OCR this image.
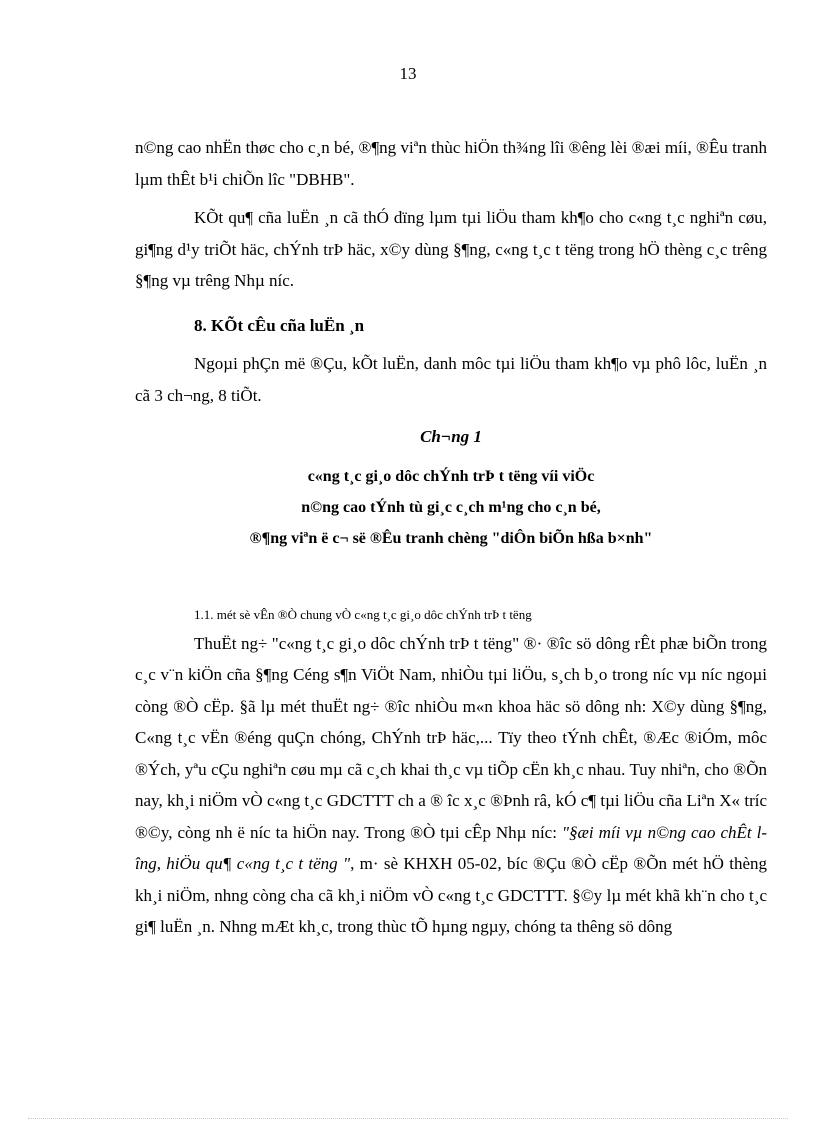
13

n©ng cao nhËn thøc cho c¸n bé, ®¶ng viªn thùc hiÖn th¾ng lîi ®êng lèi ®æi míi, ®Êu tranh lµm thÊt b¹i chiÕn lîc "DBHB".

KÕt qu¶ cña luËn ¸n cã thÓ dïng lµm tµi liÖu tham kh¶o cho c«ng t¸c nghiªn cøu, gi¶ng d¹y triÕt häc, chÝnh trÞ häc, x©y dùng §¶ng, c«ng t¸c t tëng trong hÖ thèng c¸c trêng §¶ng vµ trêng Nhµ níc.

8. KÕt cÊu cña luËn ¸n

Ngoµi phÇn më ®Çu, kÕt luËn, danh môc tµi liÖu tham kh¶o vµ phô lôc, luËn ¸n cã 3 ch¬ng, 8 tiÕt.

Ch¬ng 1

c«ng t¸c gi¸o dôc chÝnh trÞ t tëng víi viÖc
n©ng cao tÝnh tù gi¸c c¸ch m¹ng cho c¸n bé,
®¶ng viªn ë c¬ së ®Êu tranh chèng "diÔn biÕn hßa b×nh"

1.1. mét sè vÊn ®Ò chung vÒ c«ng t¸c gi¸o dôc chÝnh trÞ t tëng

ThuËt ng÷ "c«ng t¸c gi¸o dôc chÝnh trÞ t tëng" ®· ®îc sö dông rÊt phæ biÕn trong c¸c v¨n kiÖn cña §¶ng Céng s¶n ViÖt Nam, nhiÒu tµi liÖu, s¸ch b¸o trong níc vµ níc ngoµi còng ®Ò cËp. §ã lµ mét thuËt ng÷ ®îc nhiÒu m«n khoa häc sö dông nh: X©y dùng §¶ng, C«ng t¸c vËn ®éng quÇn chóng, ChÝnh trÞ häc,... Tïy theo tÝnh chÊt, ®Æc ®iÓm, môc ®Ých, yªu cÇu nghiªn cøu mµ cã c¸ch khai th¸c vµ tiÕp cËn kh¸c nhau. Tuy nhiªn, cho ®Õn nay, kh¸i niÖm vÒ c«ng t¸c GDCTTT ch a ® îc x¸c ®Þnh râ, kÓ c¶ tµi liÖu cña Liªn X« tríc ®©y, còng nh ë níc ta hiÖn nay. Trong ®Ò tµi cÊp Nhµ níc: "§æi míi vµ n©ng cao chÊt lîng, hiÖu qu¶ c«ng t¸c t tëng ", m· sè KHXH 05-02, bíc ®Çu ®Ò cËp ®Õn mét hÖ thèng kh¸i niÖm, nhng còng cha cã kh¸i niÖm vÒ c«ng t¸c GDCTTT. §©y lµ mét khã kh¨n cho t¸c gi¶ luËn ¸n. Nhng mÆt kh¸c, trong thùc tÕ hµng ngµy, chóng ta thêng sö dông
